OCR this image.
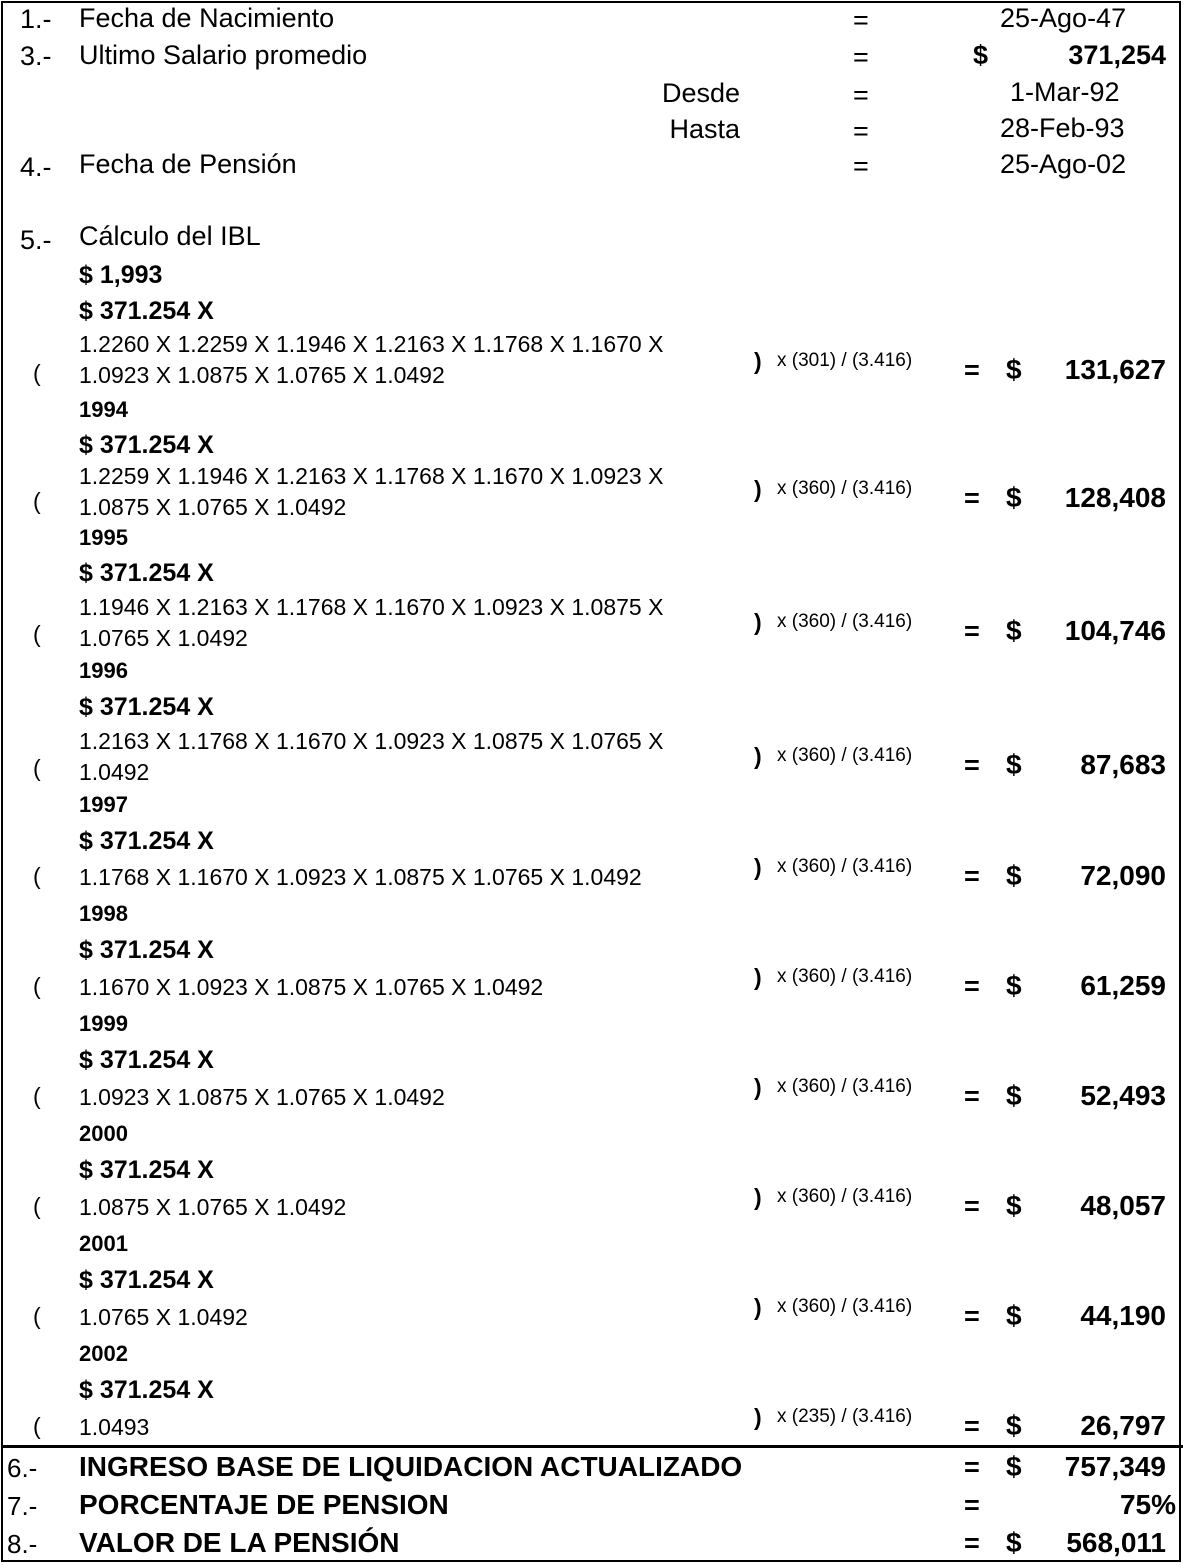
1.- Fecha de Nacimiento	=	25-Ago-47
3.- Ultimo Salario promedio	=	$	371,254
Desde	=	1-Mar-92
Hasta	=	28-Feb-93
4.- Fecha de Pensión	=	25-Ago-02
5.- Cálculo del IBL
$ 1,993
$ 371.254 X
1.2260 X 1.2259 X 1.1946 X 1.2163 X 1.1768 X 1.1670 X
1.0923 X 1.0875 X 1.0765 X 1.0492
(	) x (301) / (3.416) = $	131,627
1994
$ 371.254 X
1.2259 X 1.1946 X 1.2163 X 1.1768 X 1.1670 X 1.0923 X
1.0875 X 1.0765 X 1.0492
(	) x (360) / (3.416) = $	128,408
1995
$ 371.254 X
1.1946 X 1.2163 X 1.1768 X 1.1670 X 1.0923 X 1.0875 X
1.0765 X 1.0492
(	) x (360) / (3.416) = $	104,746
1996
$ 371.254 X
1.2163 X 1.1768 X 1.1670 X 1.0923 X 1.0875 X 1.0765 X
1.0492
(	) x (360) / (3.416) = $	87,683
1997
$ 371.254 X
1.1768 X 1.1670 X 1.0923 X 1.0875 X 1.0765 X 1.0492
(	) x (360) / (3.416) = $	72,090
1998
$ 371.254 X
1.1670 X 1.0923 X 1.0875 X 1.0765 X 1.0492
(	) x (360) / (3.416) = $	61,259
1999
$ 371.254 X
1.0923 X 1.0875 X 1.0765 X 1.0492
(	) x (360) / (3.416) = $	52,493
2000
$ 371.254 X
1.0875 X 1.0765 X 1.0492
(	) x (360) / (3.416) = $	48,057
2001
$ 371.254 X
1.0765 X 1.0492
(	) x (360) / (3.416) = $	44,190
2002
$ 371.254 X
1.0493
(	) x (235) / (3.416) = $	26,797
6.- INGRESO BASE DE LIQUIDACION ACTUALIZADO	= $	757,349
7.- PORCENTAJE DE PENSION	=	75%
8.- VALOR DE LA PENSIÓN	= $	568,011
